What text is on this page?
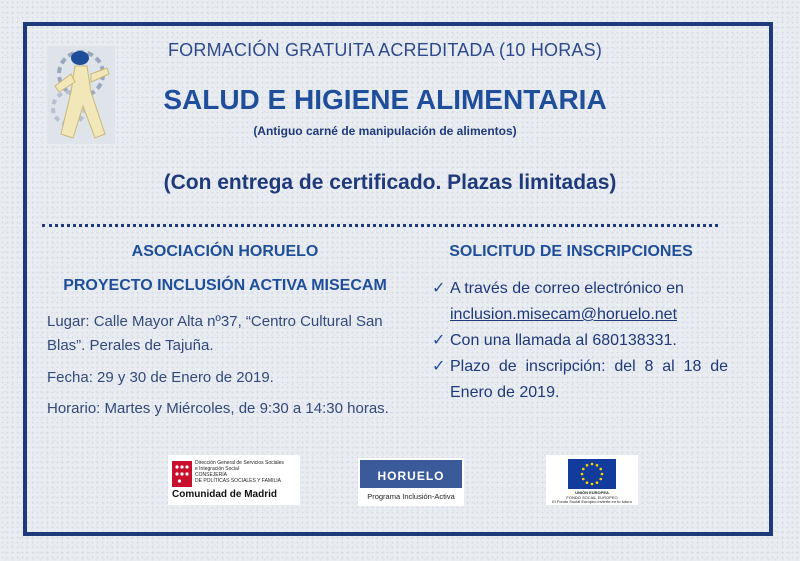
FORMACIÓN GRATUITA ACREDITADA (10 HORAS)
SALUD E HIGIENE ALIMENTARIA
(Antiguo carné de manipulación de alimentos)
(Con entrega de certificado. Plazas limitadas)
ASOCIACIÓN HORUELO
PROYECTO INCLUSIÓN ACTIVA MISECAM
Lugar: Calle Mayor Alta nº37, “Centro Cultural San Blas”. Perales de Tajuña.
Fecha: 29 y 30 de Enero de 2019.
Horario: Martes y Miércoles, de 9:30 a 14:30 horas.
SOLICITUD DE INSCRIPCIONES
✓ A través de correo electrónico en
inclusion.misecam@horuelo.net
✓ Con una llamada al 680138331.
✓ Plazo de inscripción: del 8 al 18 de Enero de 2019.
Dirección General de Servicios Sociales
e Integración Social
CONSEJERÍA
DE POLÍTICAS SOCIALES Y FAMILIA
Comunidad de Madrid
HORUELO
Programa Inclusión-Activa	UNIÓN EUROPEA
FONDO SOCIAL EUROPEO
El Fondo Social Europeo invierte en tu futuro
